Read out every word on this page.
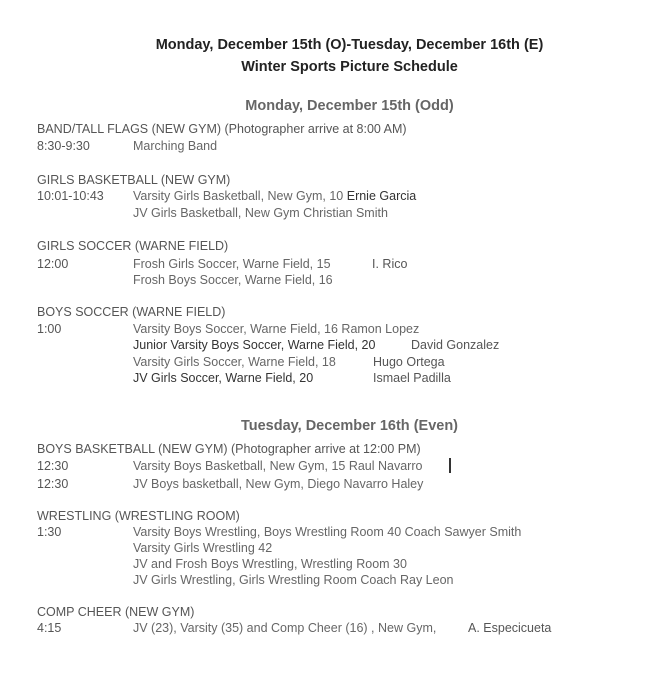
Monday, December 15th (O)-Tuesday, December 16th (E)
Winter Sports Picture Schedule
Monday, December 15th (Odd)
BAND/TALL FLAGS (NEW GYM) (Photographer arrive at 8:00 AM)
8:30-9:30	Marching Band
GIRLS BASKETBALL (NEW GYM)
10:01-10:43 Varsity Girls Basketball, New Gym, 10 Ernie Garcia
JV Girls Basketball, New Gym Christian Smith
GIRLS SOCCER (WARNE FIELD)
12:00	Frosh Girls Soccer, Warne Field, 15	I. Rico
Frosh Boys Soccer, Warne Field, 16
BOYS SOCCER (WARNE FIELD)
1:00	Varsity Boys Soccer, Warne Field, 16 Ramon Lopez
Junior Varsity Boys Soccer, Warne Field, 20	David Gonzalez
Varsity Girls Soccer, Warne Field, 18	Hugo Ortega
JV Girls Soccer, Warne Field, 20	Ismael Padilla
Tuesday, December 16th (Even)
BOYS BASKETBALL (NEW GYM) (Photographer arrive at 12:00 PM)
12:30	Varsity Boys Basketball, New Gym, 15 Raul Navarro
12:30	JV Boys basketball, New Gym, Diego Navarro Haley
WRESTLING (WRESTLING ROOM)
1:30	Varsity Boys Wrestling, Boys Wrestling Room 40 Coach Sawyer Smith
Varsity Girls Wrestling 42
JV and Frosh Boys Wrestling, Wrestling Room 30
JV Girls Wrestling, Girls Wrestling Room Coach Ray Leon
COMP CHEER (NEW GYM)
4:15	JV (23), Varsity (35) and Comp Cheer (16) , New Gym,	A. Especicueta
